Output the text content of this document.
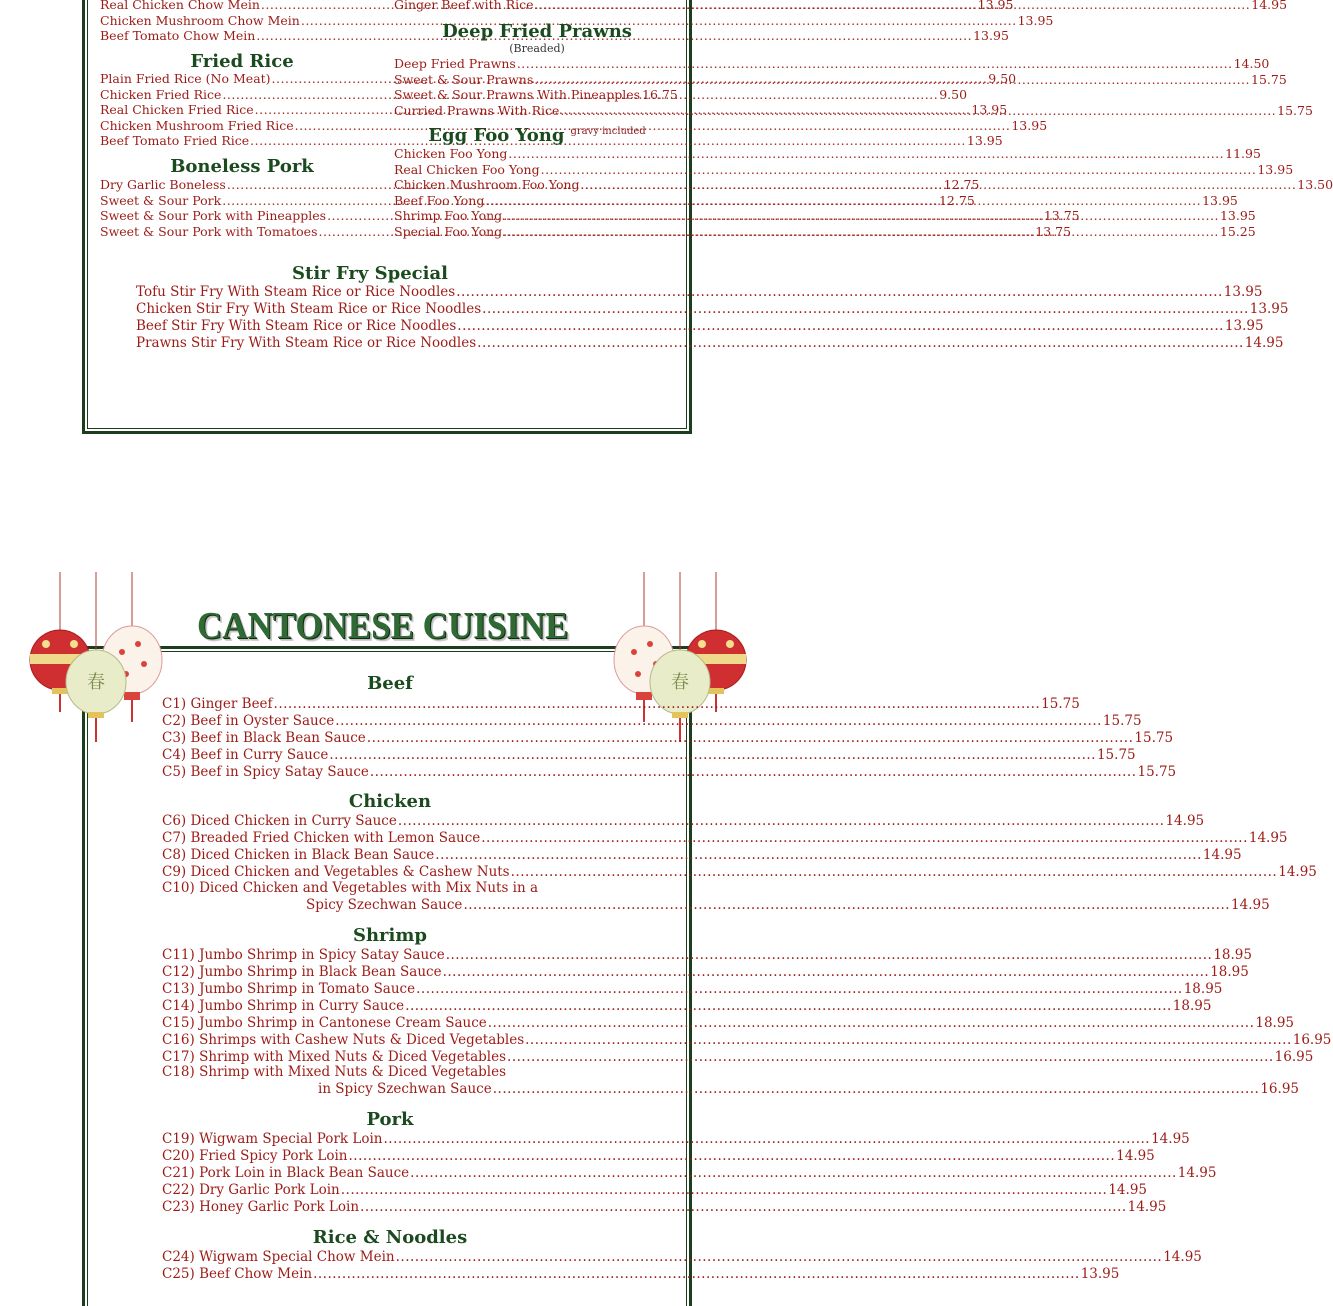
Real Chicken Chow Mein .....	13.95
Chicken Mushroom Chow Mein .....	13.95
Beef Tomato Chow Mein .....	13.95
Ginger Beef with Rice .....	14.95
Fried Rice
Plain Fried Rice (No Meat) .....	9.50
Chicken Fried Rice .....	9.50
Real Chicken Fried Rice .....	13.95
Chicken Mushroom Fried Rice .....	13.95
Beef Tomato Fried Rice .....	13.95
Boneless Pork
Dry Garlic Boneless .....	12.75
Sweet & Sour Pork .....	12.75
Sweet & Sour Pork with Pineapples .....	13.75
Sweet & Sour Pork with Tomatoes .....	13.75
Deep Fried Prawns
(Breaded)
Deep Fried Prawns .....	14.50
Sweet & Sour Prawns .....	15.75
Sweet & Sour Prawns With Pineapples 16.75
Curried Prawns With Rice .....	15.75
Egg Foo Yong $^{gravy included}$
Chicken Foo Yong .....	11.95
Real Chicken Foo Yong .....	13.95
Chicken Mushroom Foo Yong .....	13.50
Beef Foo Yong .....	13.95
Shrimp Foo Yong .....	13.95
Special Foo Yong .....	15.25
Stir Fry Special
Tofu Stir Fry With Steam Rice or Rice Noodles .....	13.95
Chicken Stir Fry With Steam Rice or Rice Noodles .....	13.95
Beef Stir Fry With Steam Rice or Rice Noodles .....	13.95
Prawns Stir Fry With Steam Rice or Rice Noodles .....	14.95
春	春
CANTONESE CUISINE
Beef
C1) Ginger Beef .....	15.75
C2) Beef in Oyster Sauce .....	15.75
C3) Beef in Black Bean Sauce .....	15.75
C4) Beef in Curry Sauce .....	15.75
C5) Beef in Spicy Satay Sauce .....	15.75
Chicken
C6) Diced Chicken in Curry Sauce .....	14.95
C7) Breaded Fried Chicken with Lemon Sauce .....	14.95
C8) Diced Chicken in Black Bean Sauce .....	14.95
C9) Diced Chicken and Vegetables & Cashew Nuts .....	14.95
C10) Diced Chicken and Vegetables with Mix Nuts in a
Spicy Szechwan Sauce .....	14.95
Shrimp
C11) Jumbo Shrimp in Spicy Satay Sauce .....	18.95
C12) Jumbo Shrimp in Black Bean Sauce .....	18.95
C13) Jumbo Shrimp in Tomato Sauce .....	18.95
C14) Jumbo Shrimp in Curry Sauce .....	18.95
C15) Jumbo Shrimp in Cantonese Cream Sauce .....	18.95
C16) Shrimps with Cashew Nuts & Diced Vegetables .....	16.95
C17) Shrimp with Mixed Nuts & Diced Vegetables .....	16.95
C18) Shrimp with Mixed Nuts & Diced Vegetables
in Spicy Szechwan Sauce .....	16.95
Pork
C19) Wigwam Special Pork Loin .....	14.95
C20) Fried Spicy Pork Loin .....	14.95
C21) Pork Loin in Black Bean Sauce .....	14.95
C22) Dry Garlic Pork Loin .....	14.95
C23) Honey Garlic Pork Loin .....	14.95
Rice & Noodles
C24) Wigwam Special Chow Mein .....	14.95
C25) Beef Chow Mein .....	13.95
